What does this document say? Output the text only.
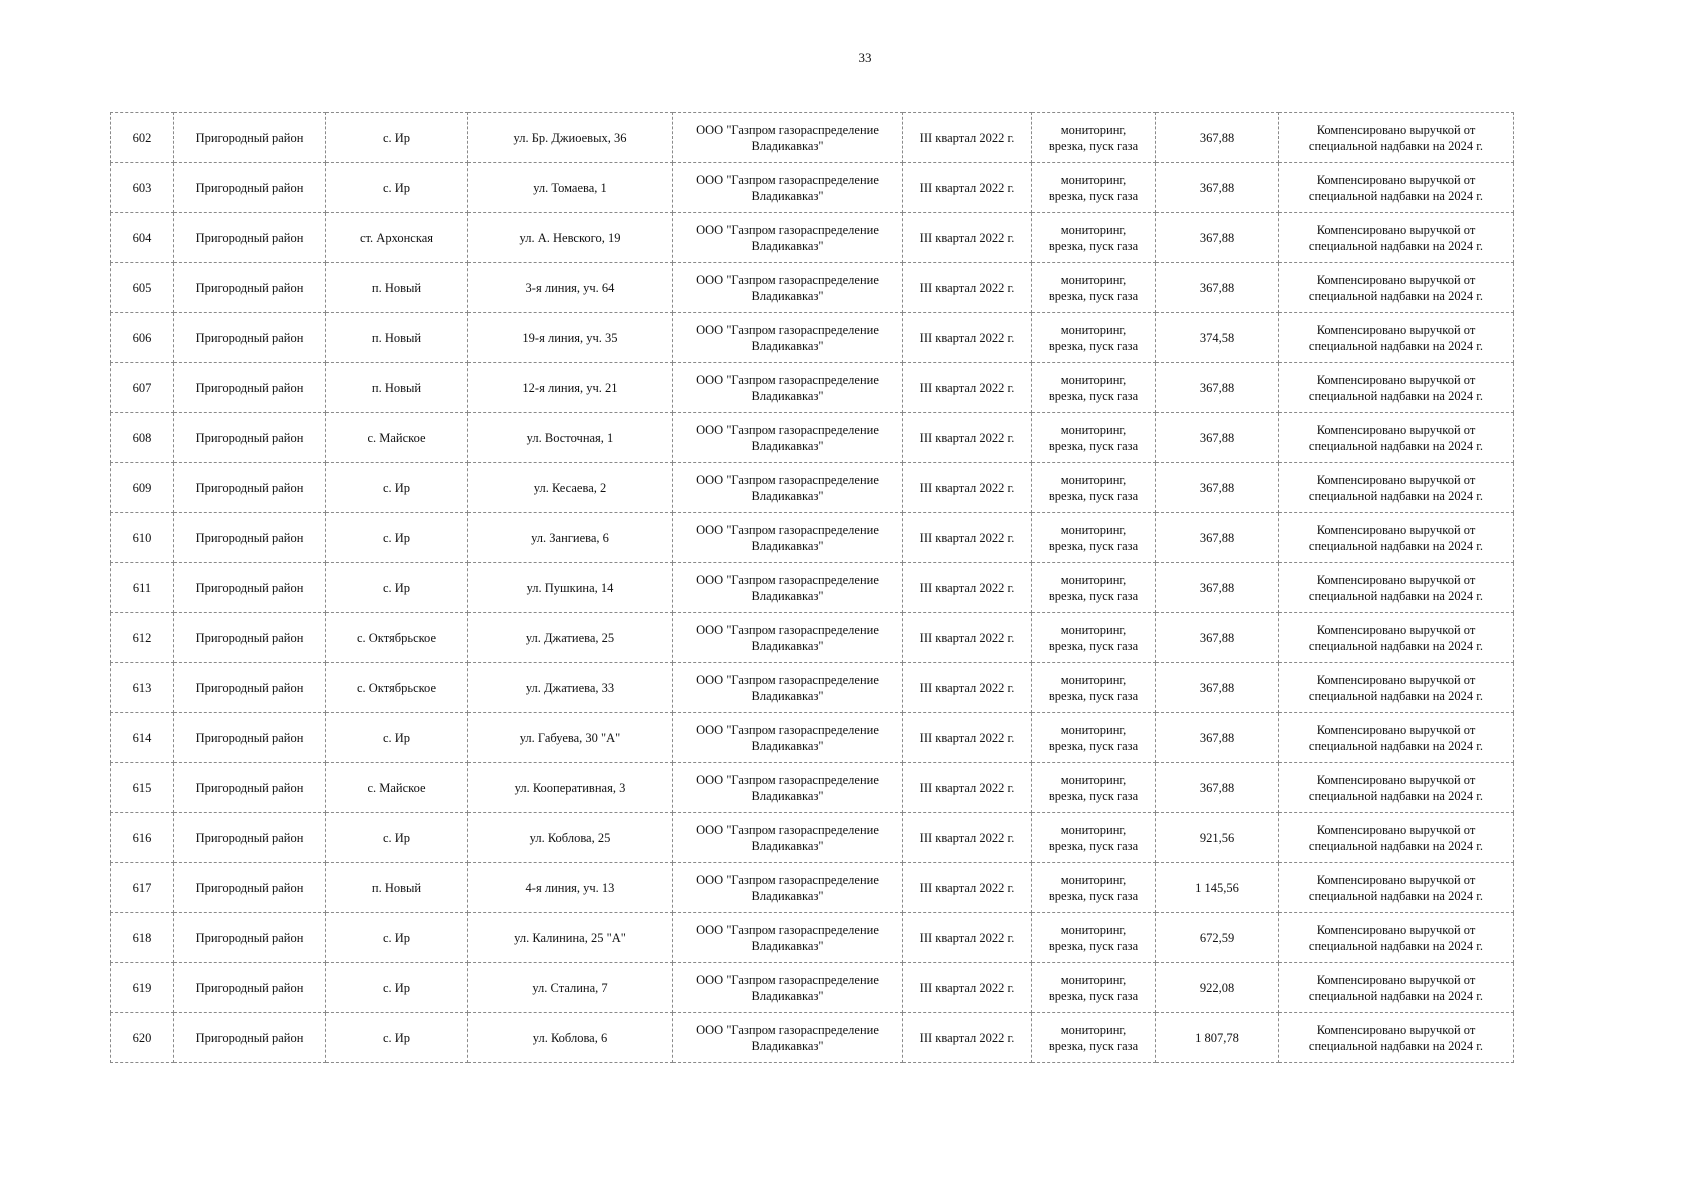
33
602	Пригородный район	с. Ир	ул. Бр. Джиоевых, 36	ООО "Газпром газораспределение
Владикавказ"	III квартал 2022 г.	мониторинг,
врезка, пуск газа	367,88	Компенсировано выручкой от
специальной надбавки на 2024 г.

603	Пригородный район	с. Ир	ул. Томаева, 1	ООО "Газпром газораспределение
Владикавказ"	III квартал 2022 г.	мониторинг,
врезка, пуск газа	367,88	Компенсировано выручкой от
специальной надбавки на 2024 г.

604	Пригородный район	ст. Архонская	ул. А. Невского, 19	ООО "Газпром газораспределение
Владикавказ"	III квартал 2022 г.	мониторинг,
врезка, пуск газа	367,88	Компенсировано выручкой от
специальной надбавки на 2024 г.

605	Пригородный район	п. Новый	3-я линия, уч. 64	ООО "Газпром газораспределение
Владикавказ"	III квартал 2022 г.	мониторинг,
врезка, пуск газа	367,88	Компенсировано выручкой от
специальной надбавки на 2024 г.

606	Пригородный район	п. Новый	19-я линия, уч. 35	ООО "Газпром газораспределение
Владикавказ"	III квартал 2022 г.	мониторинг,
врезка, пуск газа	374,58	Компенсировано выручкой от
специальной надбавки на 2024 г.

607	Пригородный район	п. Новый	12-я линия, уч. 21	ООО "Газпром газораспределение
Владикавказ"	III квартал 2022 г.	мониторинг,
врезка, пуск газа	367,88	Компенсировано выручкой от
специальной надбавки на 2024 г.

608	Пригородный район	с. Майское	ул. Восточная, 1	ООО "Газпром газораспределение
Владикавказ"	III квартал 2022 г.	мониторинг,
врезка, пуск газа	367,88	Компенсировано выручкой от
специальной надбавки на 2024 г.

609	Пригородный район	с. Ир	ул. Кесаева, 2	ООО "Газпром газораспределение
Владикавказ"	III квартал 2022 г.	мониторинг,
врезка, пуск газа	367,88	Компенсировано выручкой от
специальной надбавки на 2024 г.

610	Пригородный район	с. Ир	ул. Зангиева, 6	ООО "Газпром газораспределение
Владикавказ"	III квартал 2022 г.	мониторинг,
врезка, пуск газа	367,88	Компенсировано выручкой от
специальной надбавки на 2024 г.

611	Пригородный район	с. Ир	ул. Пушкина, 14	ООО "Газпром газораспределение
Владикавказ"	III квартал 2022 г.	мониторинг,
врезка, пуск газа	367,88	Компенсировано выручкой от
специальной надбавки на 2024 г.

612	Пригородный район	с. Октябрьское	ул. Джатиева, 25	ООО "Газпром газораспределение
Владикавказ"	III квартал 2022 г.	мониторинг,
врезка, пуск газа	367,88	Компенсировано выручкой от
специальной надбавки на 2024 г.

613	Пригородный район	с. Октябрьское	ул. Джатиева, 33	ООО "Газпром газораспределение
Владикавказ"	III квартал 2022 г.	мониторинг,
врезка, пуск газа	367,88	Компенсировано выручкой от
специальной надбавки на 2024 г.

614	Пригородный район	с. Ир	ул. Габуева, 30 "А"	ООО "Газпром газораспределение
Владикавказ"	III квартал 2022 г.	мониторинг,
врезка, пуск газа	367,88	Компенсировано выручкой от
специальной надбавки на 2024 г.

615	Пригородный район	с. Майское	ул. Кооперативная, 3	ООО "Газпром газораспределение
Владикавказ"	III квартал 2022 г.	мониторинг,
врезка, пуск газа	367,88	Компенсировано выручкой от
специальной надбавки на 2024 г.

616	Пригородный район	с. Ир	ул. Коблова, 25	ООО "Газпром газораспределение
Владикавказ"	III квартал 2022 г.	мониторинг,
врезка, пуск газа	921,56	Компенсировано выручкой от
специальной надбавки на 2024 г.

617	Пригородный район	п. Новый	4-я линия, уч. 13	ООО "Газпром газораспределение
Владикавказ"	III квартал 2022 г.	мониторинг,
врезка, пуск газа	1 145,56	Компенсировано выручкой от
специальной надбавки на 2024 г.

618	Пригородный район	с. Ир	ул. Калинина, 25 "А"	ООО "Газпром газораспределение
Владикавказ"	III квартал 2022 г.	мониторинг,
врезка, пуск газа	672,59	Компенсировано выручкой от
специальной надбавки на 2024 г.

619	Пригородный район	с. Ир	ул. Сталина, 7	ООО "Газпром газораспределение
Владикавказ"	III квартал 2022 г.	мониторинг,
врезка, пуск газа	922,08	Компенсировано выручкой от
специальной надбавки на 2024 г.

620	Пригородный район	с. Ир	ул. Коблова, 6	ООО "Газпром газораспределение
Владикавказ"	III квартал 2022 г.	мониторинг,
врезка, пуск газа	1 807,78	Компенсировано выручкой от
специальной надбавки на 2024 г.
